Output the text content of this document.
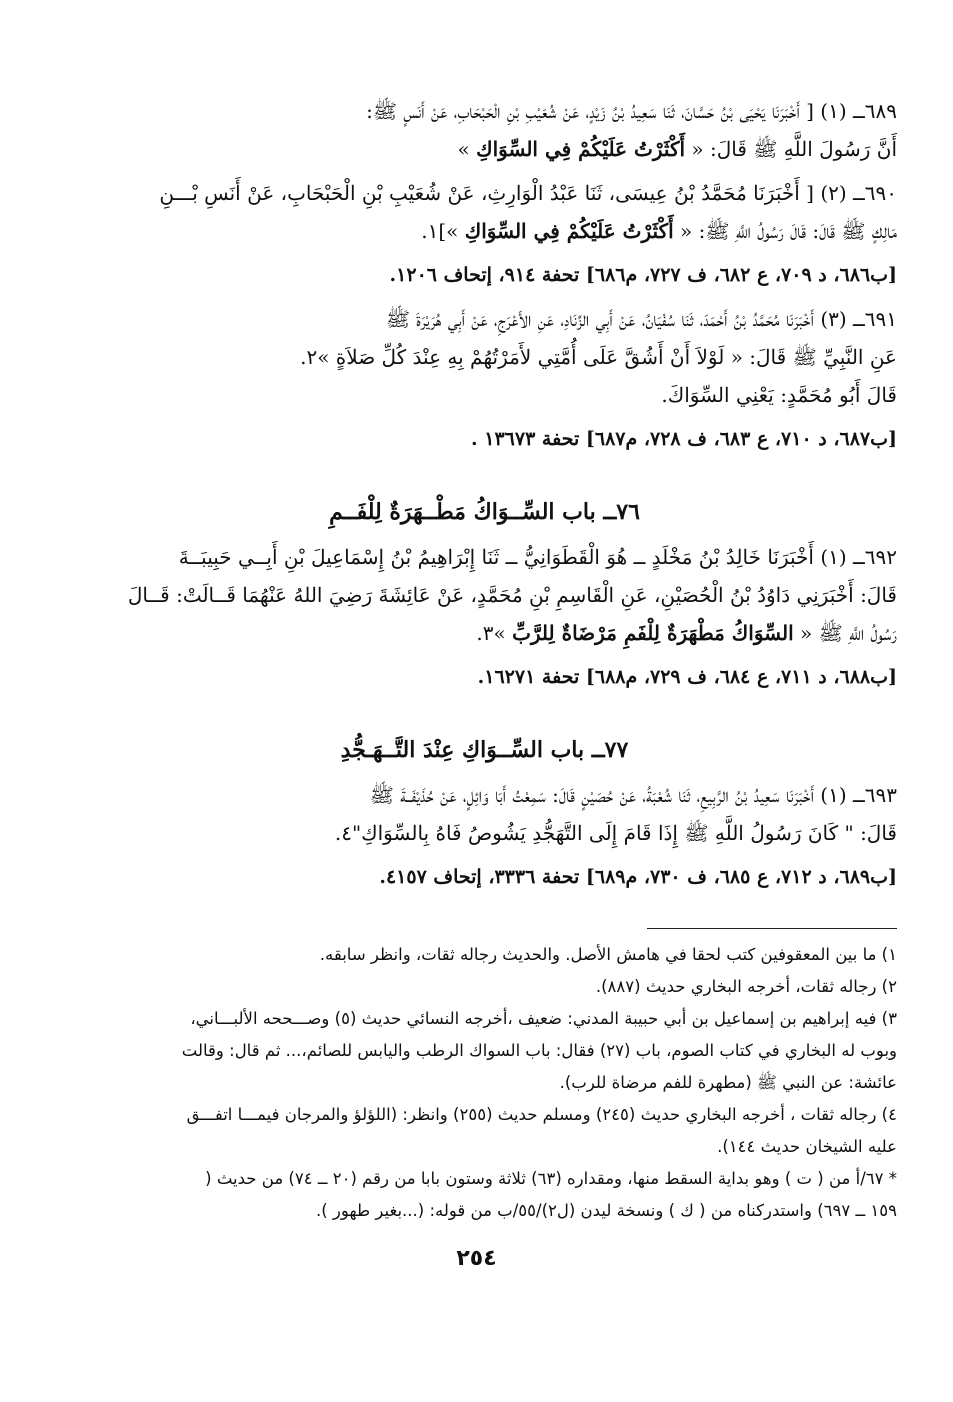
٦٨٩ــ (١) [ أَخْبَرَنَا يَحْيَى بْنُ حَسَّانَ، ثَنَا سَعِيدُ بْنُ زَيْدٍ، عَنْ شُعَيْبِ بْنِ الْحَبْحَابِ، عَنْ أَنَسٍ ﷺ:

أَنَّ رَسُولَ اللَّهِ ﷺ قَالَ: « أَكْثَرْتُ عَلَيْكُمْ فِي السِّوَاكِ »

٦٩٠ــ (٢) [ أَخْبَرَنَا مُحَمَّدُ بْنُ عِيسَى، ثَنَا عَبْدُ الْوَارِثِ، عَنْ شُعَيْبِ بْنِ الْحَبْحَابِ، عَنْ أَنَسِ بْـــنِ

مَالِكٍ ﷺ قَالَ: قَالَ رَسُولُ اللَّهِ ﷺ: « أَكْثَرْتُ عَلَيْكُمْ فِي السِّوَاكِ »]١.

[ب٦٨٦، د ٧٠٩، ع ٦٨٢، ف ٧٢٧، م٦٨٦] تحفة ٩١٤، إتحاف ١٢٠٦.

٦٩١ــ (٣) أَخْبَرَنَا مُحَمَّدُ بْنُ أَحْمَدَ، ثَنَا سُفْيَانُ، عَنْ أَبِي الزِّنَادِ، عَنِ الأَعْرَجِ، عَنْ أَبِي هُرَيْرَةَ ﷺ

عَنِ النَّبِيِّ ﷺ قَالَ: « لَوْلاَ أَنْ أَشُقَّ عَلَى أُمَّتِي لأَمَرْتُهُمْ بِهِ عِنْدَ كُلِّ صَلاَةٍ »٢.

قَالَ أَبُو مُحَمَّدٍ: يَعْنِي السِّوَاكَ.

[ب٦٨٧، د ٧١٠، ع ٦٨٣، ف ٧٢٨، م٦٨٧] تحفة ١٣٦٧٣ .

٧٦ــ باب السِّــوَاكُ مَطْــهَرَةٌ لِلْفَــمِ

٦٩٢ــ (١) أَخْبَرَنَا خَالِدُ بْنُ مَخْلَدٍ ــ هُوَ الْقَطَوَانِيُّ ــ ثَنَا إِبْرَاهِيمُ بْنُ إِسْمَاعِيلَ بْنِ أَبِــي حَبِيبَــةَ

قَالَ: أَخْبَرَنِي دَاوُدُ بْنُ الْحُصَيْنِ، عَنِ الْقَاسِمِ بْنِ مُحَمَّدٍ، عَنْ عَائِشَةَ رَضِيَ اللهُ عَنْهُمَا قَــالَتْ: قَــالَ

رَسُولُ اللَّهِ ﷺ « السِّوَاكُ مَطْهَرَةٌ لِلْفَمِ مَرْضَاةٌ لِلرَّبِّ »٣.

[ب٦٨٨، د ٧١١، ع ٦٨٤، ف ٧٢٩، م٦٨٨] تحفة ١٦٢٧١.

٧٧ــ باب السِّــوَاكِ عِنْدَ التَّــهَـجُّدِ

٦٩٣ــ (١) أَخْبَرَنَا سَعِيدُ بْنُ الرَّبِيعِ، ثَنَا شُعْبَةُ، عَنْ حُصَيْنٍ قَالَ: سَمِعْتُ أَبَا وَائِلٍ، عَنْ حُذَيْفَــةَ ﷺ

قَالَ: " كَانَ رَسُولُ اللَّهِ ﷺ إِذَا قَامَ إِلَى التَّهَجُّدِ يَشُوصُ فَاهُ بِالسِّوَاكِ"٤.

[ب٦٨٩، د ٧١٢، ع ٦٨٥، ف ٧٣٠، م٦٨٩] تحفة ٣٣٣٦، إتحاف ٤١٥٧.

١) ما بين المعقوفين كتب لحقا في هامش الأصل. والحديث رجاله ثقات، وانظر سابقه.

٢) رجاله ثقات، أخرجه البخاري حديث (٨٨٧).

٣) فيه إبراهيم بن إسماعيل بن أبي حبيبة المدني: ضعيف ،أخرجه النسائي حديث (٥) وصـــححه الألبـــاني،

وبوب له البخاري في كتاب الصوم، باب (٢٧) فقال: باب السواك الرطب واليابس للصائم،... ثم قال: وقالت

عائشة: عن النبي ﷺ (مطهرة للفم مرضاة للرب).

٤) رجاله ثقات ، أخرجه البخاري حديث (٢٤٥) ومسلم حديث (٢٥٥) وانظر: (اللؤلؤ والمرجان فيمـــا اتفـــق

عليه الشيخان حديث ١٤٤).

* ٦٧/أ من ( ت ) وهو بداية السقط منها، ومقداره (٦٣) ثلاثة وستون بابا من رقم (٢٠ ــ ٧٤) من حديث (

١٥٩ ــ ٦٩٧) واستدركناه من ( ك ) ونسخة ليدن (ل٢)/٥٥/ب من قوله: (...بغير طهور ).

٢٥٤
